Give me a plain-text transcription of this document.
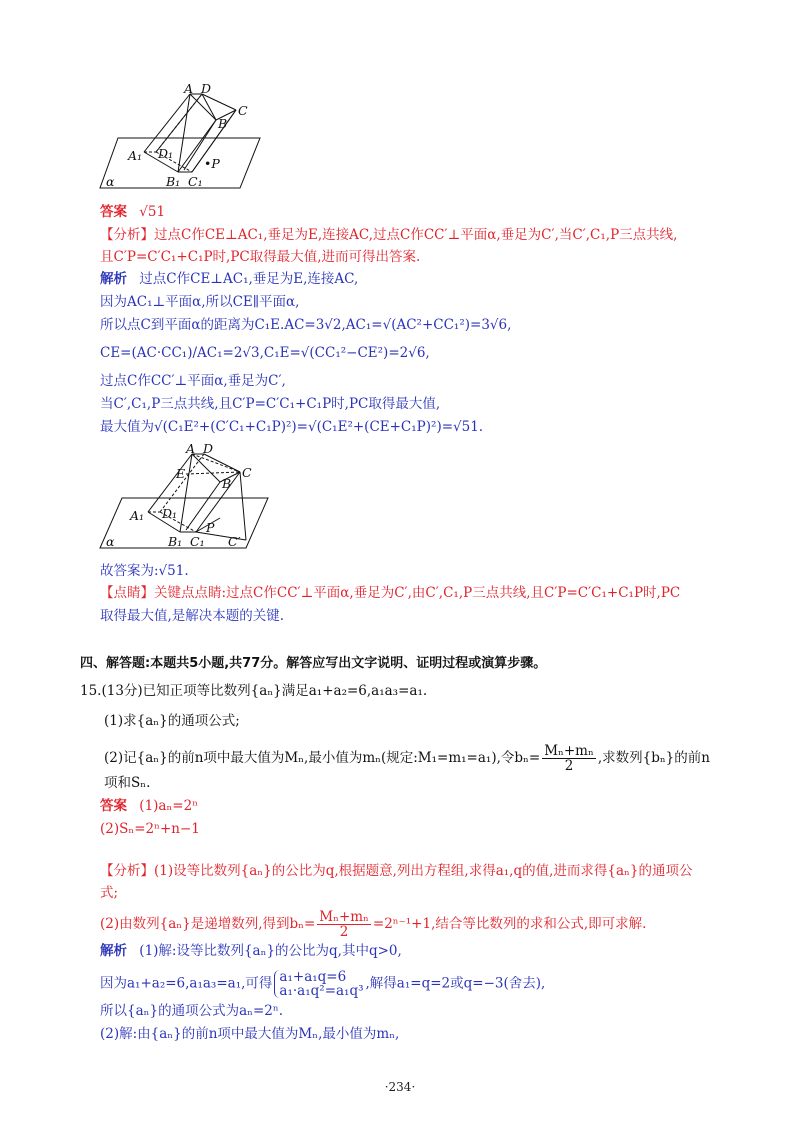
A D
C
B
A₁ D₁
•P
α	B₁ C₁
答案 √51
【分析】过点C作CE⊥AC₁,垂足为E,连接AC,过点C作CC′⊥平面α,垂足为C′,当C′,C₁,P三点共线,
且C′P=C′C₁+C₁P时,PC取得最大值,进而可得出答案.
解析 过点C作CE⊥AC₁,垂足为E,连接AC,
因为AC₁⊥平面α,所以CE∥平面α,
所以点C到平面α的距离为C₁E.AC=3√2,AC₁=√(AC²+CC₁²)=3√6,
CE=(AC·CC₁)/AC₁=2√3,C₁E=√(CC₁²−CE²)=2√6,
过点C作CC′⊥平面α,垂足为C′,
当C′,C₁,P三点共线,且C′P=C′C₁+C₁P时,PC取得最大值,
最大值为√(C₁E²+(C′C₁+C₁P)²)=√(C₁E²+(CE+C₁P)²)=√51.
A D
E	C
B
A₁ D₁
P
α	B₁ C₁ C′
故答案为:√51.
【点睛】关键点点睛:过点C作CC′⊥平面α,垂足为C′,由C′,C₁,P三点共线,且C′P=C′C₁+C₁P时,PC
取得最大值,是解决本题的关键.
四、解答题:本题共5小题,共77分。解答应写出文字说明、证明过程或演算步骤。
15.(13分)已知正项等比数列{aₙ}满足a₁+a₂=6,a₁a₃=a₁.
(1)求{aₙ}的通项公式;
(2)记{aₙ}的前n项中最大值为Mₙ,最小值为mₙ(规定:M₁=m₁=a₁),令$b_n= \frac{\text{Mₙ+mₙ}}{2}$ ,求数列{bₙ}的前n
项和Sₙ.
答案 (1)aₙ=2ⁿ
(2)Sₙ=2ⁿ+n−1
【分析】(1)设等比数列{aₙ}的公比为q,根据题意,列出方程组,求得a₁,q的值,进而求得{aₙ}的通项公
式;
(2)由数列{aₙ}是递增数列,得到$b_n= \frac{\text{Mₙ+mₙ}}{2} =2^{n-1}+1$,结合等比数列的求和公式,即可求解.
解析 (1)解:设等比数列{aₙ}的公比为q,其中q>0,
因为a₁+a₂=6,a₁a₃=a₁,可得 a₁+a₁q=6
a₁·a₁q²=a₁q³ ,解得a₁=q=2或q=−3(舍去),
所以{aₙ}的通项公式为aₙ=2ⁿ.
(2)解:由{aₙ}的前n项中最大值为Mₙ,最小值为mₙ,
·234·
